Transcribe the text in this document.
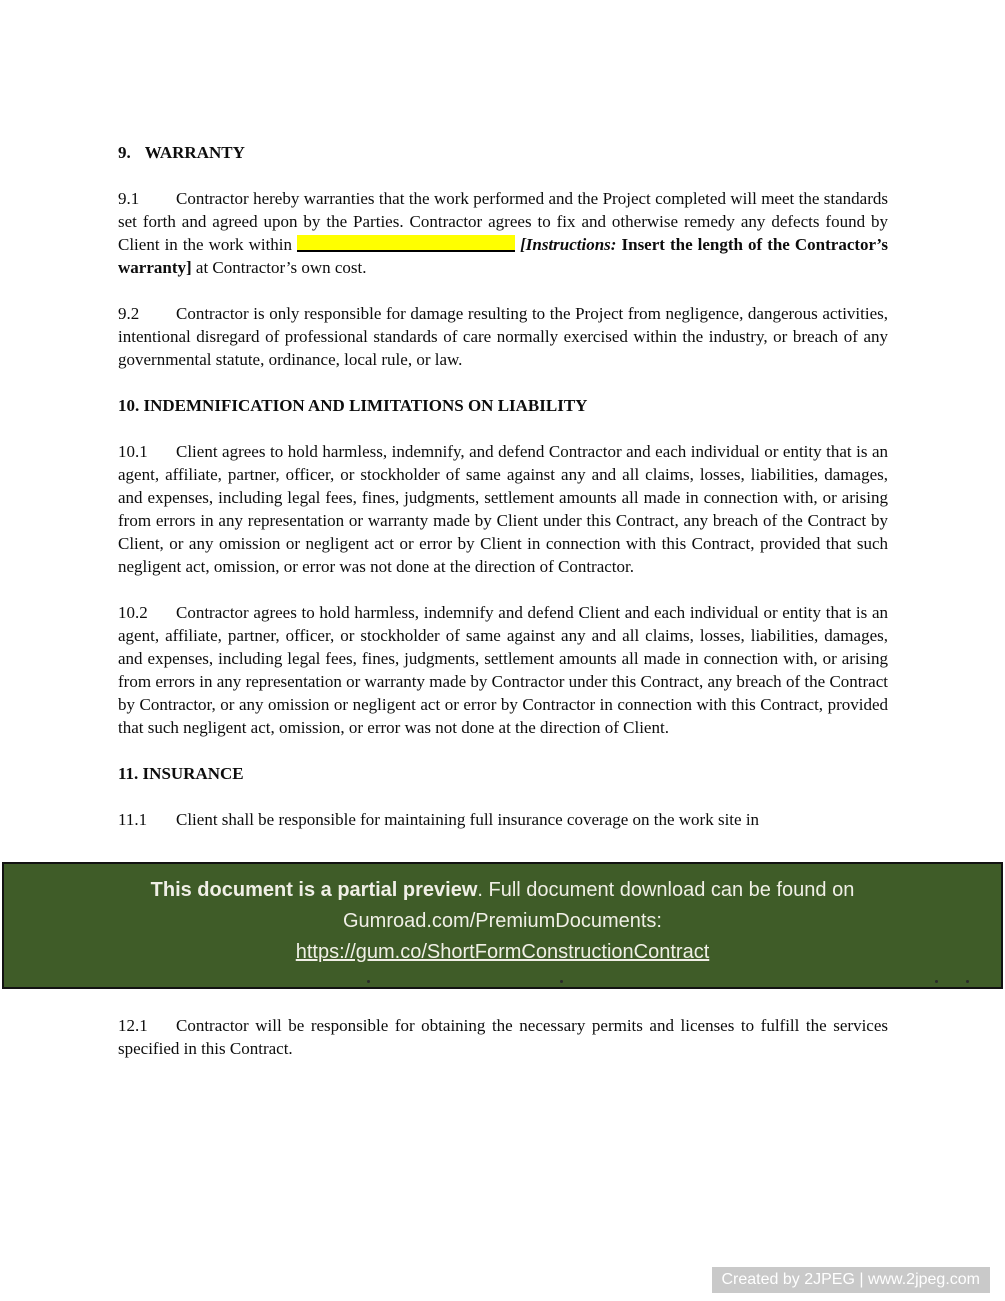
9. WARRANTY

9.1 Contractor hereby warranties that the work performed and the Project completed will meet the standards set forth and agreed upon by the Parties. Contractor agrees to fix and otherwise remedy any defects found by Client in the work within	[Instructions: Insert the length of the Contractor’s warranty] at Contractor’s own cost.

9.2 Contractor is only responsible for damage resulting to the Project from negligence, dangerous activities, intentional disregard of professional standards of care normally exercised within the industry, or breach of any governmental statute, ordinance, local rule, or law.

10. INDEMNIFICATION AND LIMITATIONS ON LIABILITY

10.1 Client agrees to hold harmless, indemnify, and defend Contractor and each individual or entity that is an agent, affiliate, partner, officer, or stockholder of same against any and all claims, losses, liabilities, damages, and expenses, including legal fees, fines, judgments, settlement amounts all made in connection with, or arising from errors in any representation or warranty made by Client under this Contract, any breach of the Contract by Client, or any omission or negligent act or error by Client in connection with this Contract, provided that such negligent act, omission, or error was not done at the direction of Contractor.

10.2 Contractor agrees to hold harmless, indemnify and defend Client and each individual or entity that is an agent, affiliate, partner, officer, or stockholder of same against any and all claims, losses, liabilities, damages, and expenses, including legal fees, fines, judgments, settlement amounts all made in connection with, or arising from errors in any representation or warranty made by Contractor under this Contract, any breach of the Contract by Contractor, or any omission or negligent act or error by Contractor in connection with this Contract, provided that such negligent act, omission, or error was not done at the direction of Client.

11. INSURANCE

11.1 Client shall be responsible for maintaining full insurance coverage on the work site in

12.1 Contractor will be responsible for obtaining the necessary permits and licenses to fulfill the services specified in this Contract.

This document is a partial preview. Full document download can be found on
Gumroad.com/PremiumDocuments:
https://gum.co/ShortFormConstructionContract
Created by 2JPEG | www.2jpeg.com
